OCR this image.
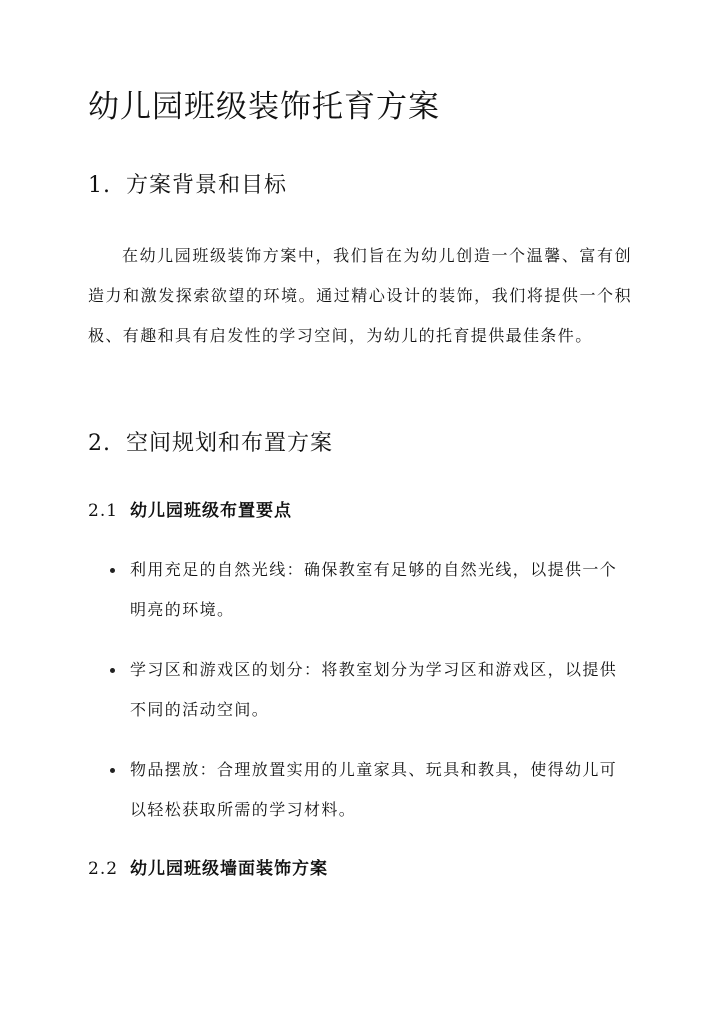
幼儿园班级装饰托育方案
1. 方案背景和目标

在幼儿园班级装饰方案中，我们旨在为幼儿创造一个温馨、富有创造力和激发探索欲望的环境。通过精心设计的装饰，我们将提供一个积极、有趣和具有启发性的学习空间，为幼儿的托育提供最佳条件。

2. 空间规划和布置方案
2.1 幼儿园班级布置要点
利用充足的自然光线：确保教室有足够的自然光线，以提供一个明亮的环境。
学习区和游戏区的划分：将教室划分为学习区和游戏区，以提供不同的活动空间。
物品摆放：合理放置实用的儿童家具、玩具和教具，使得幼儿可以轻松获取所需的学习材料。
2.2 幼儿园班级墙面装饰方案
